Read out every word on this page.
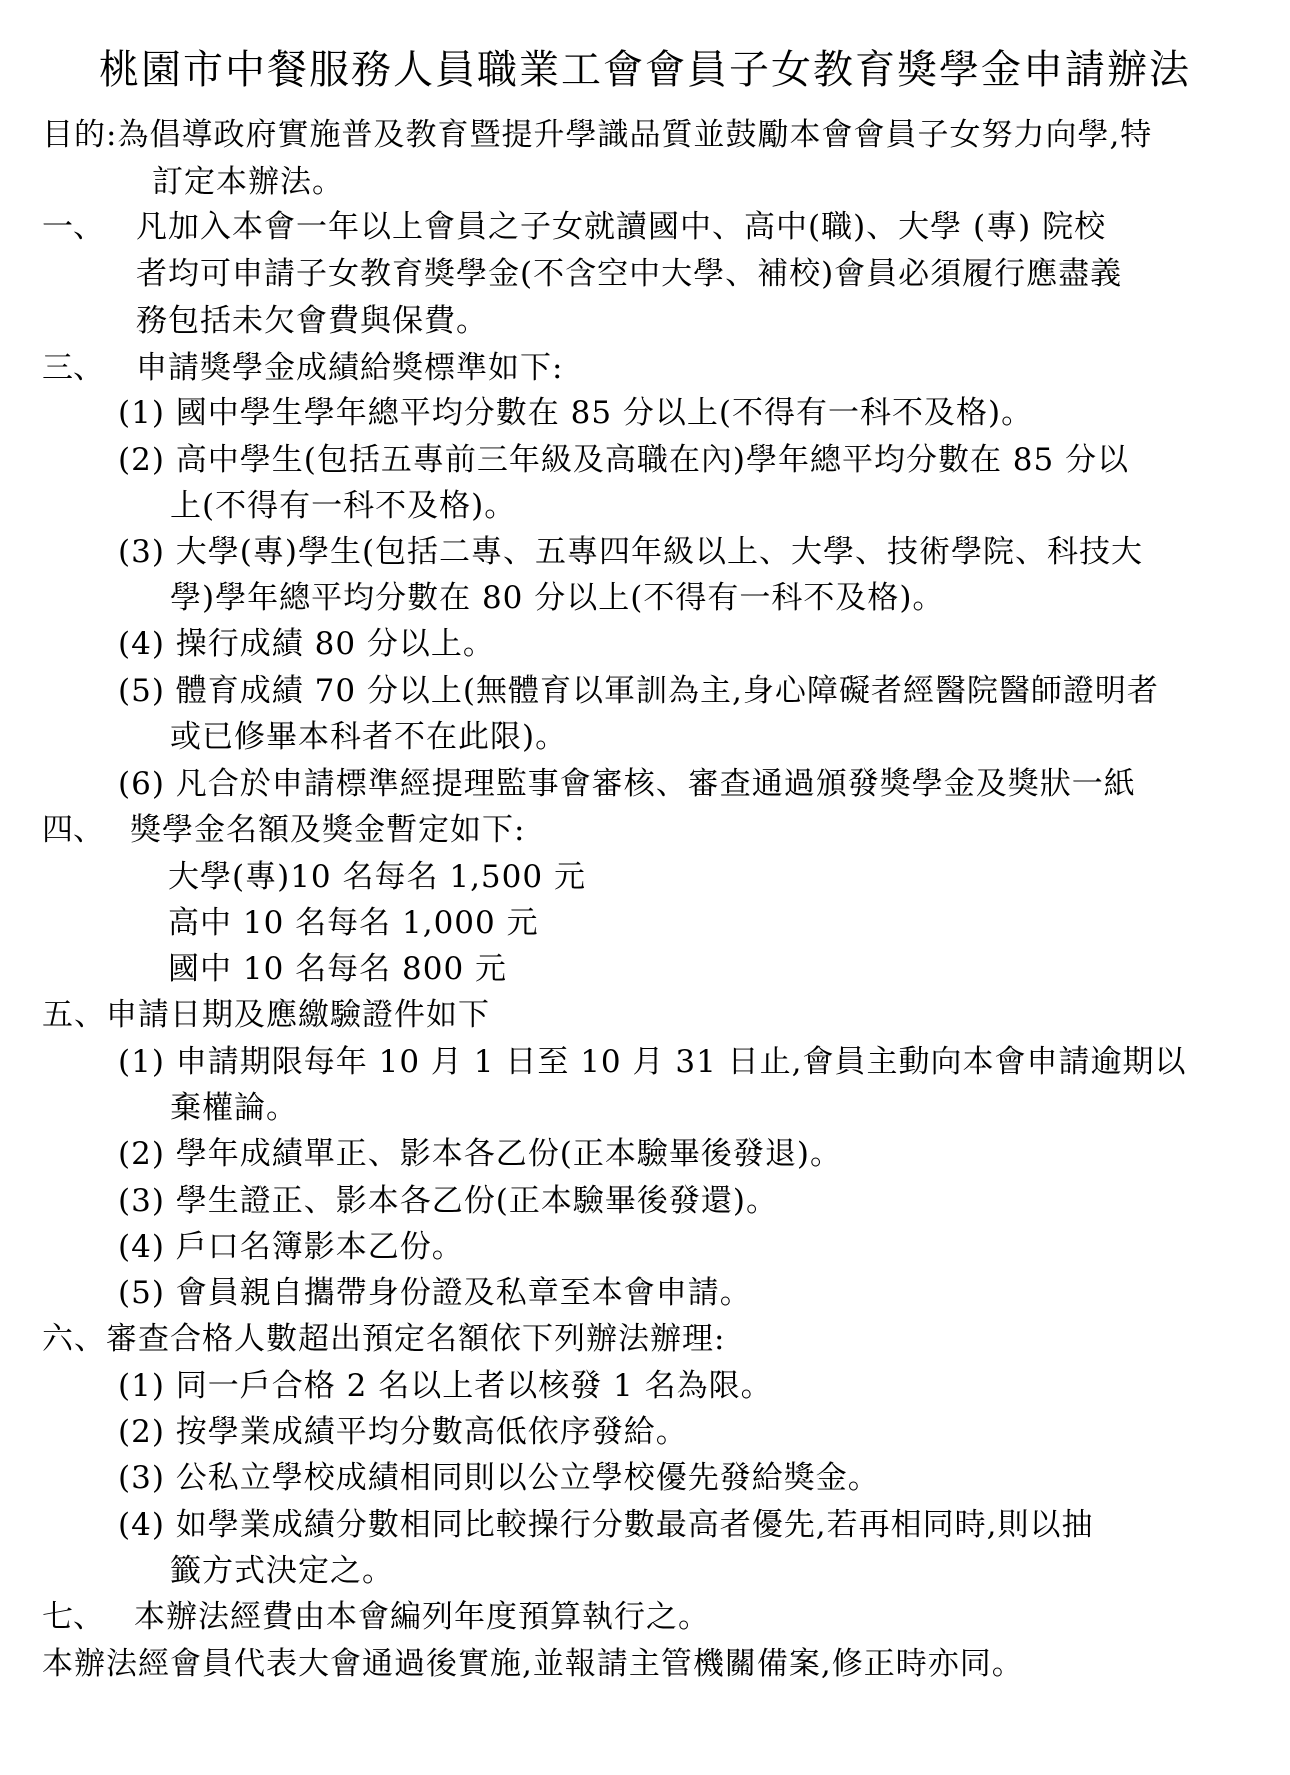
桃園市中餐服務人員職業工會會員子女教育獎學金申請辦法
目的:為倡導政府實施普及教育暨提升學識品質並鼓勵本會會員子女努力向學,特
訂定本辦法。
一、 凡加入本會一年以上會員之子女就讀國中、高中(職)、大學 (專) 院校
者均可申請子女教育獎學金(不含空中大學、補校)會員必須履行應盡義
務包括未欠會費與保費。
三、 申請獎學金成績給獎標準如下:
(1) 國中學生學年總平均分數在 85 分以上(不得有一科不及格)。
(2) 高中學生(包括五專前三年級及高職在內)學年總平均分數在 85 分以
上(不得有一科不及格)。
(3) 大學(專)學生(包括二專、五專四年級以上、大學、技術學院、科技大
學)學年總平均分數在 80 分以上(不得有一科不及格)。
(4) 操行成績 80 分以上。
(5) 體育成績 70 分以上(無體育以軍訓為主,身心障礙者經醫院醫師證明者
或已修畢本科者不在此限)。
(6) 凡合於申請標準經提理監事會審核、審查通過頒發獎學金及獎狀一紙
四、 獎學金名額及獎金暫定如下:
大學(專)10 名每名 1,500 元
高中 10 名每名 1,000 元
國中 10 名每名 800 元
五、申請日期及應繳驗證件如下
(1) 申請期限每年 10 月 1 日至 10 月 31 日止,會員主動向本會申請逾期以
棄權論。
(2) 學年成績單正、影本各乙份(正本驗畢後發退)。
(3) 學生證正、影本各乙份(正本驗畢後發還)。
(4) 戶口名簿影本乙份。
(5) 會員親自攜帶身份證及私章至本會申請。
六、審查合格人數超出預定名額依下列辦法辦理:
(1) 同一戶合格 2 名以上者以核發 1 名為限。
(2) 按學業成績平均分數高低依序發給。
(3) 公私立學校成績相同則以公立學校優先發給獎金。
(4) 如學業成績分數相同比較操行分數最高者優先,若再相同時,則以抽
籤方式決定之。
七、 本辦法經費由本會編列年度預算執行之。
本辦法經會員代表大會通過後實施,並報請主管機關備案,修正時亦同。
